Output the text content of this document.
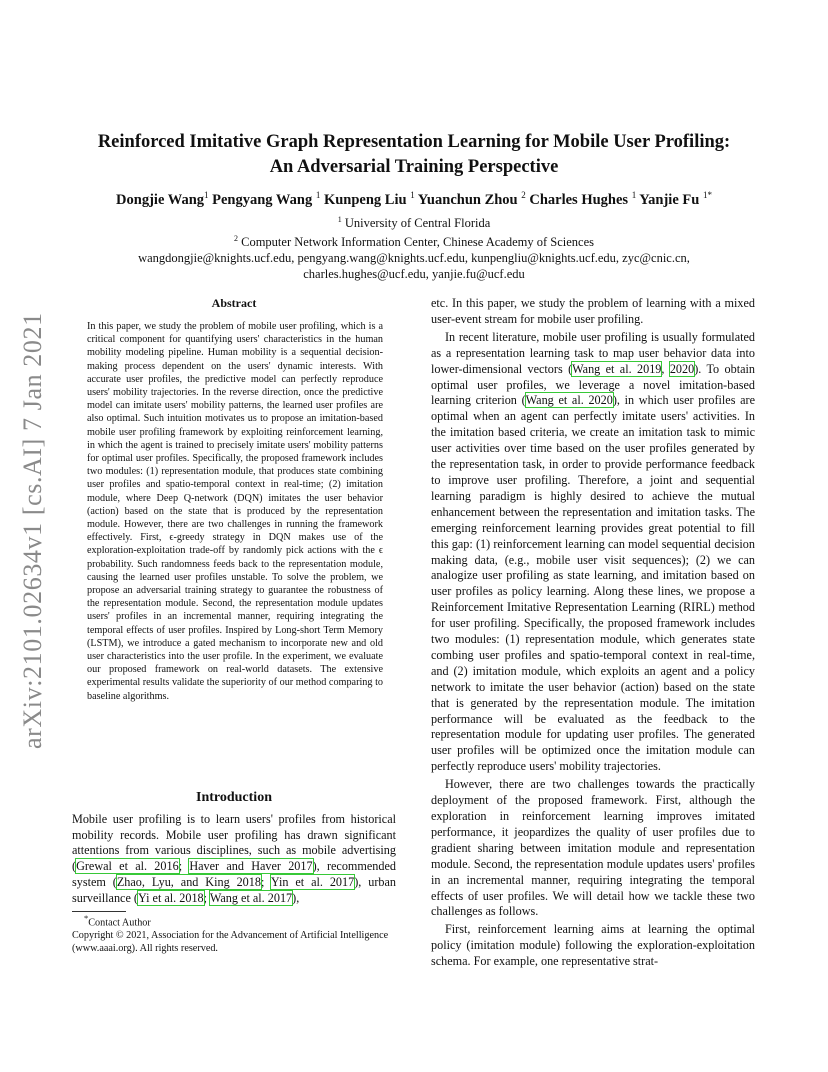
arXiv:2101.02634v1 [cs.AI] 7 Jan 2021
Reinforced Imitative Graph Representation Learning for Mobile User Profiling:
An Adversarial Training Perspective
Dongjie Wang$^1$ Pengyang Wang $^1$ Kunpeng Liu $^1$ Yuanchun Zhou $^2$ Charles Hughes $^1$ Yanjie Fu $^{1*}$
$^1$ University of Central Florida
$^2$ Computer Network Information Center, Chinese Academy of Sciences
wangdongjie@knights.ucf.edu, pengyang.wang@knights.ucf.edu, kunpengliu@knights.ucf.edu, zyc@cnic.cn,
charles.hughes@ucf.edu, yanjie.fu@ucf.edu
Abstract
In this paper, we study the problem of mobile user profiling, which is a critical component for quantifying users' characteristics in the human mobility modeling pipeline. Human mobility is a sequential decision-making process dependent on the users' dynamic interests. With accurate user profiles, the predictive model can perfectly reproduce users' mobility trajectories. In the reverse direction, once the predictive model can imitate users' mobility patterns, the learned user profiles are also optimal. Such intuition motivates us to propose an imitation-based mobile user profiling framework by exploiting reinforcement learning, in which the agent is trained to precisely imitate users' mobility patterns for optimal user profiles. Specifically, the proposed framework includes two modules: (1) representation module, that produces state combining user profiles and spatio-temporal context in real-time; (2) imitation module, where Deep Q-network (DQN) imitates the user behavior (action) based on the state that is produced by the representation module. However, there are two challenges in running the framework effectively. First, ϵ-greedy strategy in DQN makes use of the exploration-exploitation trade-off by randomly pick actions with the ϵ probability. Such randomness feeds back to the representation module, causing the learned user profiles unstable. To solve the problem, we propose an adversarial training strategy to guarantee the robustness of the representation module. Second, the representation module updates users' profiles in an incremental manner, requiring integrating the temporal effects of user profiles. Inspired by Long-short Term Memory (LSTM), we introduce a gated mechanism to incorporate new and old user characteristics into the user profile. In the experiment, we evaluate our proposed framework on real-world datasets. The extensive experimental results validate the superiority of our method comparing to baseline algorithms.
Introduction
Mobile user profiling is to learn users' profiles from historical mobility records. Mobile user profiling has drawn significant attentions from various disciplines, such as mobile advertising (Grewal et al. 2016; Haver and Haver 2017), recommended system (Zhao, Lyu, and King 2018; Yin et al. 2017), urban surveillance (Yi et al. 2018; Wang et al. 2017),
*Contact Author
Copyright © 2021, Association for the Advancement of Artificial Intelligence (www.aaai.org). All rights reserved.

etc. In this paper, we study the problem of learning with a mixed user-event stream for mobile user profiling.

In recent literature, mobile user profiling is usually formulated as a representation learning task to map user behavior data into lower-dimensional vectors (Wang et al. 2019, 2020). To obtain optimal user profiles, we leverage a novel imitation-based learning criterion (Wang et al. 2020), in which user profiles are optimal when an agent can perfectly imitate users' activities. In the imitation based criteria, we create an imitation task to mimic user activities over time based on the user profiles generated by the representation task, in order to provide performance feedback to improve user profiling. Therefore, a joint and sequential learning paradigm is highly desired to achieve the mutual enhancement between the representation and imitation tasks. The emerging reinforcement learning provides great potential to fill this gap: (1) reinforcement learning can model sequential decision making data, (e.g., mobile user visit sequences); (2) we can analogize user profiling as state learning, and imitation based on user profiles as policy learning. Along these lines, we propose a Reinforcement Imitative Representation Learning (RIRL) method for user profiling. Specifically, the proposed framework includes two modules: (1) representation module, which generates state combing user profiles and spatio-temporal context in real-time, and (2) imitation module, which exploits an agent and a policy network to imitate the user behavior (action) based on the state that is generated by the representation module. The imitation performance will be evaluated as the feedback to the representation module for updating user profiles. The generated user profiles will be optimized once the imitation module can perfectly reproduce users' mobility trajectories.

However, there are two challenges towards the practically deployment of the proposed framework. First, although the exploration in reinforcement learning improves imitated performance, it jeopardizes the quality of user profiles due to gradient sharing between imitation module and representation module. Second, the representation module updates users' profiles in an incremental manner, requiring integrating the temporal effects of user profiles. We will detail how we tackle these two challenges as follows.

First, reinforcement learning aims at learning the optimal policy (imitation module) following the exploration-exploitation schema. For example, one representative strat-
